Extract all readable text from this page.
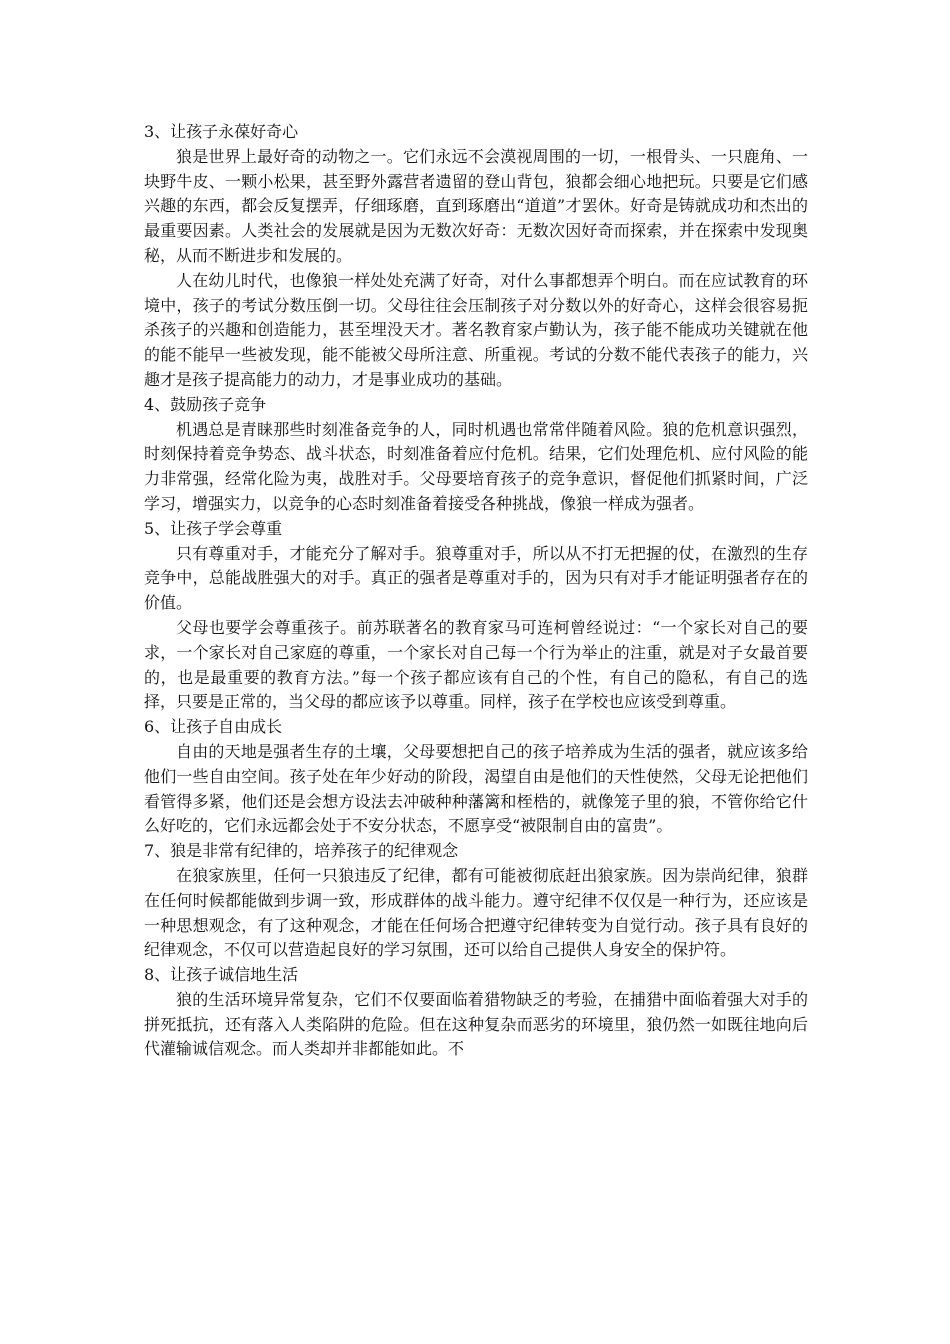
3、让孩子永葆好奇心

狼是世界上最好奇的动物之一。它们永远不会漠视周围的一切，一根骨头、一只鹿角、一块野牛皮、一颗小松果，甚至野外露营者遗留的登山背包，狼都会细心地把玩。只要是它们感兴趣的东西，都会反复摆弄，仔细琢磨，直到琢磨出“道道”才罢休。好奇是铸就成功和杰出的最重要因素。人类社会的发展就是因为无数次好奇：无数次因好奇而探索，并在探索中发现奥秘，从而不断进步和发展的。

人在幼儿时代，也像狼一样处处充满了好奇，对什么事都想弄个明白。而在应试教育的环境中，孩子的考试分数压倒一切。父母往往会压制孩子对分数以外的好奇心，这样会很容易扼杀孩子的兴趣和创造能力，甚至埋没天才。著名教育家卢勤认为，孩子能不能成功关键就在他的能不能早一些被发现，能不能被父母所注意、所重视。考试的分数不能代表孩子的能力，兴趣才是孩子提高能力的动力，才是事业成功的基础。

4、鼓励孩子竞争

机遇总是青睐那些时刻准备竞争的人，同时机遇也常常伴随着风险。狼的危机意识强烈，时刻保持着竞争势态、战斗状态，时刻准备着应付危机。结果，它们处理危机、应付风险的能力非常强，经常化险为夷，战胜对手。父母要培育孩子的竞争意识，督促他们抓紧时间，广泛学习，增强实力，以竞争的心态时刻准备着接受各种挑战，像狼一样成为强者。

5、让孩子学会尊重

只有尊重对手，才能充分了解对手。狼尊重对手，所以从不打无把握的仗，在激烈的生存竞争中，总能战胜强大的对手。真正的强者是尊重对手的，因为只有对手才能证明强者存在的价值。

父母也要学会尊重孩子。前苏联著名的教育家马可连柯曾经说过：“一个家长对自己的要求，一个家长对自己家庭的尊重，一个家长对自己每一个行为举止的注重，就是对子女最首要的，也是最重要的教育方法。”每一个孩子都应该有自己的个性，有自己的隐私，有自己的选择，只要是正常的，当父母的都应该予以尊重。同样，孩子在学校也应该受到尊重。

6、让孩子自由成长

自由的天地是强者生存的土壤，父母要想把自己的孩子培养成为生活的强者，就应该多给他们一些自由空间。孩子处在年少好动的阶段，渴望自由是他们的天性使然，父母无论把他们看管得多紧，他们还是会想方设法去冲破种种藩篱和桎梏的，就像笼子里的狼，不管你给它什么好吃的，它们永远都会处于不安分状态，不愿享受“被限制自由的富贵”。

7、狼是非常有纪律的，培养孩子的纪律观念

在狼家族里，任何一只狼违反了纪律，都有可能被彻底赶出狼家族。因为崇尚纪律，狼群在任何时候都能做到步调一致，形成群体的战斗能力。遵守纪律不仅仅是一种行为，还应该是一种思想观念，有了这种观念，才能在任何场合把遵守纪律转变为自觉行动。孩子具有良好的纪律观念，不仅可以营造起良好的学习氛围，还可以给自己提供人身安全的保护符。

8、让孩子诚信地生活

狼的生活环境异常复杂，它们不仅要面临着猎物缺乏的考验，在捕猎中面临着强大对手的拼死抵抗，还有落入人类陷阱的危险。但在这种复杂而恶劣的环境里，狼仍然一如既往地向后代灌输诚信观念。而人类却并非都能如此。不
